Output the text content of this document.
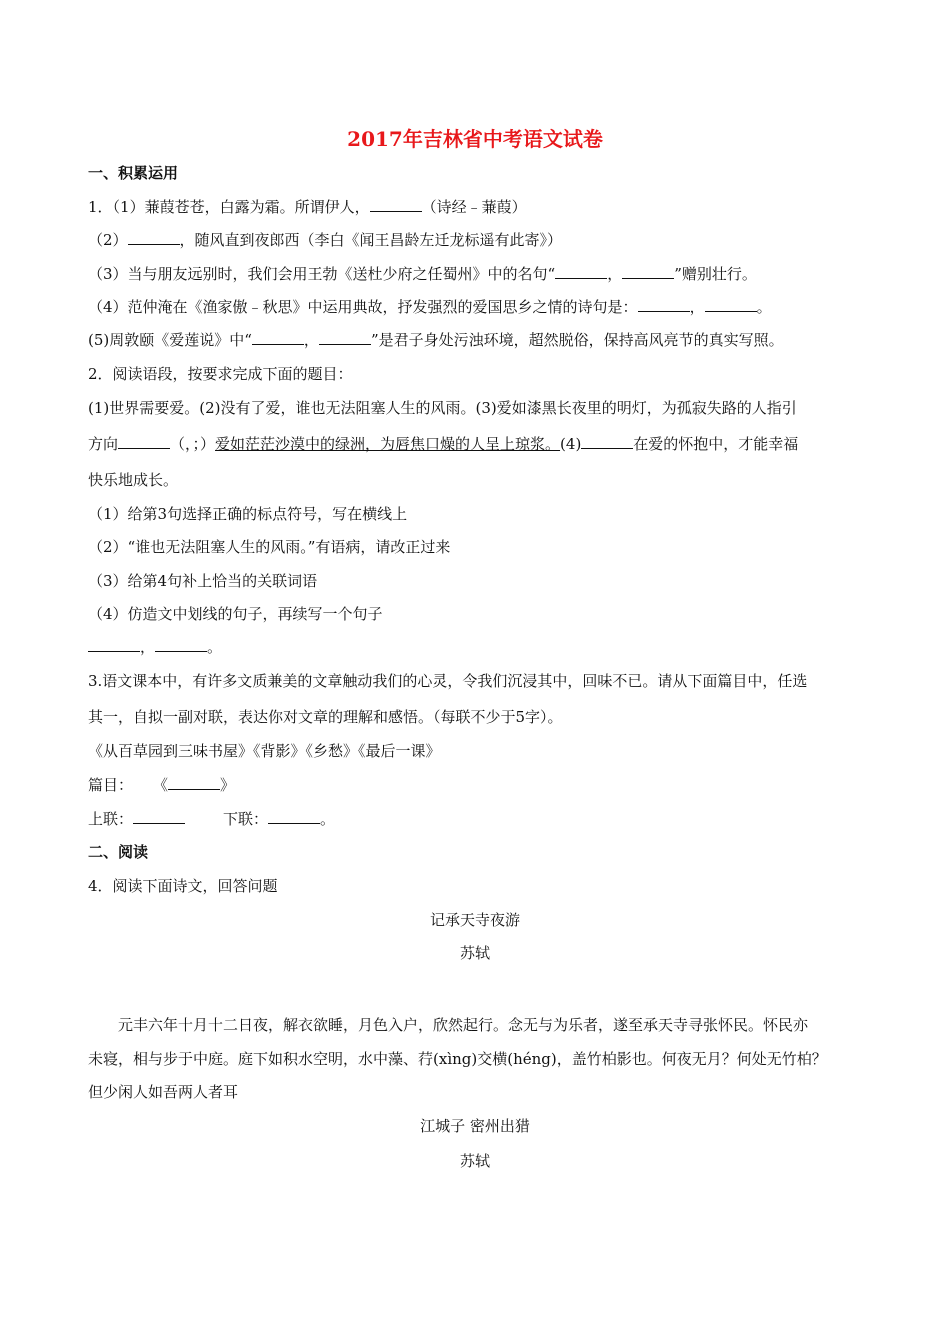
2017年吉林省中考语文试卷
一、积累运用
1．（1）蒹葭苍苍，白露为霜。所谓伊人，	（诗经﹣蒹葭）
（2）	，随风直到夜郎西（李白《闻王昌龄左迁龙标遥有此寄》）
（3）当与朋友远别时，我们会用王勃《送杜少府之任蜀州》中的名句“	，	”赠别壮行。
（4）范仲淹在《渔家傲﹣秋思》中运用典故，抒发强烈的爱国思乡之情的诗句是：	，	。
(5)周敦颐《爱莲说》中“	，	”是君子身处污浊环境，超然脱俗，保持高风亮节的真实写照。
2．阅读语段，按要求完成下面的题目：
(1)世界需要爱。(2)没有了爱，谁也无法阻塞人生的风雨。(3)爱如漆黑长夜里的明灯，为孤寂失路的人指引
方向	（，；）爱如茫茫沙漠中的绿洲，为唇焦口燥的人呈上琼浆。(4)	在爱的怀抱中，才能幸福
快乐地成长。
（1）给第3句选择正确的标点符号，写在横线上
（2）“谁也无法阻塞人生的风雨。”有语病，请改正过来
（3）给第4句补上恰当的关联词语
（4）仿造文中划线的句子，再续写一个句子
，	。
3.语文课本中，有许多文质兼美的文章触动我们的心灵，令我们沉浸其中，回味不已。请从下面篇目中，任选
其一，自拟一副对联，表达你对文章的理解和感悟。（每联不少于5字）。
《从百草园到三味书屋》《背影》《乡愁》《最后一课》
篇目： 《	》
上联：	下联：	。
二、阅读
4．阅读下面诗文，回答问题
记承天寺夜游
苏轼
元丰六年十月十二日夜，解衣欲睡，月色入户，欣然起行。念无与为乐者，遂至承天寺寻张怀民。怀民亦
未寝，相与步于中庭。庭下如积水空明，水中藻、荇(xìng)交横(héng)，盖竹柏影也。何夜无月？何处无竹柏？
但少闲人如吾两人者耳
江城子 密州出猎
苏轼
